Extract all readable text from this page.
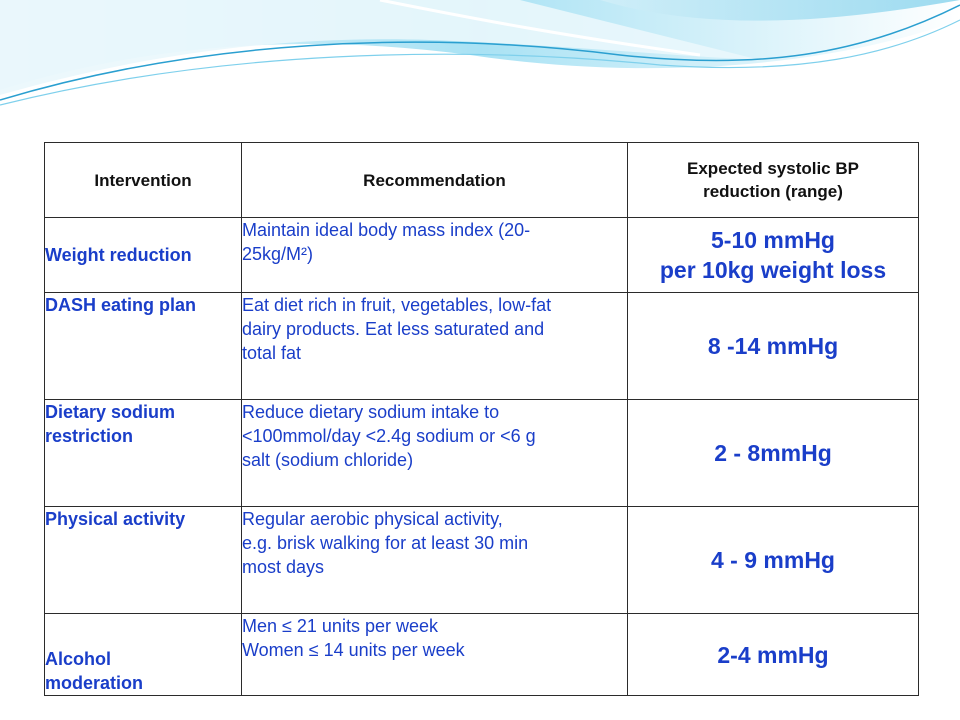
Intervention	Recommendation	Expected systolic BP
reduction (range)

Weight reduction	Maintain ideal body mass index (20-
25kg/M²)	5-10 mmHg
per 10kg weight loss

DASH eating plan	Eat diet rich in fruit, vegetables, low-fat
dairy products. Eat less saturated and
total fat	8 -14 mmHg

Dietary sodium
restriction	Reduce dietary sodium intake to
<100mmol/day <2.4g sodium or <6 g
salt (sodium chloride)	2 - 8mmHg

Physical activity	Regular aerobic physical activity,
e.g. brisk walking for at least 30 min
most days	4 - 9 mmHg

Alcohol
moderation	Men ≤ 21 units per week
Women ≤ 14 units per week	2-4 mmHg
